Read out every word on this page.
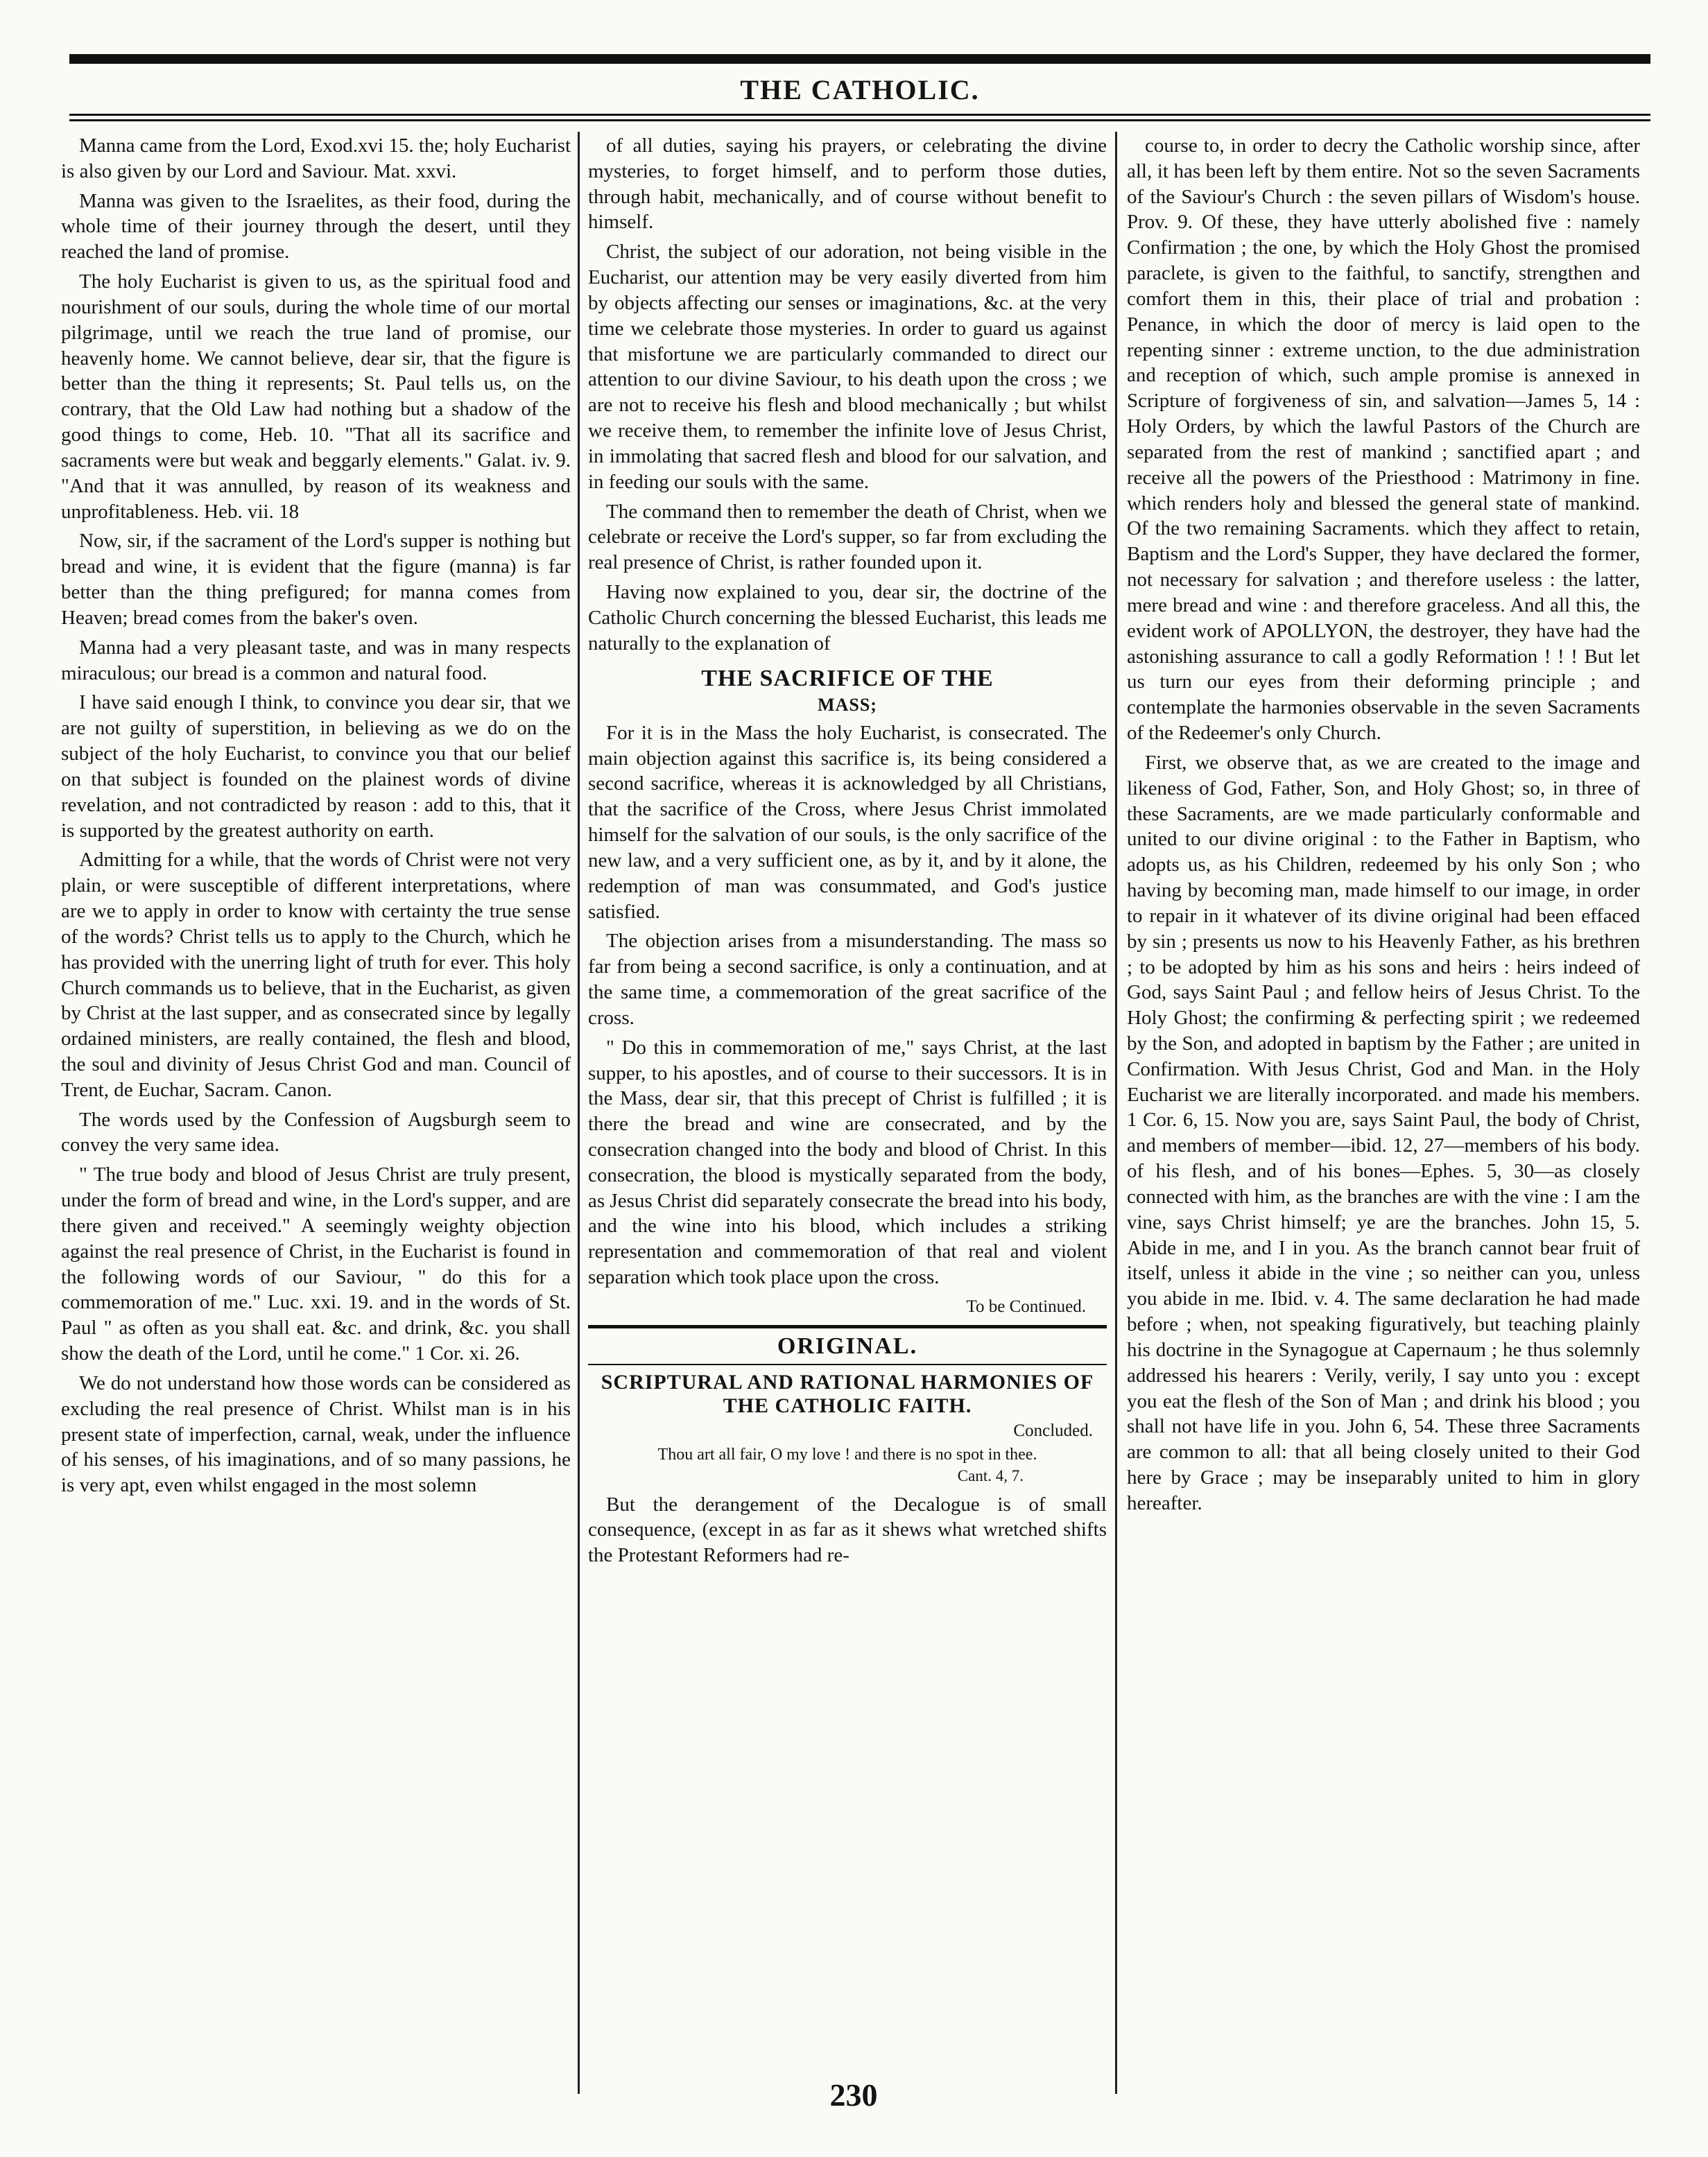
THE CATHOLIC.

Manna came from the Lord, Exod.xvi 15. the; holy Eucharist is also given by our Lord and Saviour. Mat. xxvi.

Manna was given to the Israelites, as their food, during the whole time of their journey through the desert, until they reached the land of promise.

The holy Eucharist is given to us, as the spiritual food and nourishment of our souls, during the whole time of our mortal pilgrimage, until we reach the true land of promise, our heavenly home. We cannot believe, dear sir, that the figure is better than the thing it represents; St. Paul tells us, on the contrary, that the Old Law had nothing but a shadow of the good things to come, Heb. 10. "That all its sacrifice and sacraments were but weak and beggarly elements." Galat. iv. 9. "And that it was annulled, by reason of its weakness and unprofitableness. Heb. vii. 18

Now, sir, if the sacrament of the Lord's supper is nothing but bread and wine, it is evident that the figure (manna) is far better than the thing prefigured; for manna comes from Heaven; bread comes from the baker's oven.

Manna had a very pleasant taste, and was in many respects miraculous; our bread is a common and natural food.

I have said enough I think, to convince you dear sir, that we are not guilty of superstition, in believing as we do on the subject of the holy Eucharist, to convince you that our belief on that subject is founded on the plainest words of divine revelation, and not contradicted by reason : add to this, that it is supported by the greatest authority on earth.

Admitting for a while, that the words of Christ were not very plain, or were susceptible of different interpretations, where are we to apply in order to know with certainty the true sense of the words? Christ tells us to apply to the Church, which he has provided with the unerring light of truth for ever. This holy Church commands us to believe, that in the Eucharist, as given by Christ at the last supper, and as consecrated since by legally ordained ministers, are really contained, the flesh and blood, the soul and divinity of Jesus Christ God and man. Council of Trent, de Euchar, Sacram. Canon.

The words used by the Confession of Augsburgh seem to convey the very same idea.

" The true body and blood of Jesus Christ are truly present, under the form of bread and wine, in the Lord's supper, and are there given and received." A seemingly weighty objection against the real presence of Christ, in the Eucharist is found in the following words of our Saviour, " do this for a commemoration of me." Luc. xxi. 19. and in the words of St. Paul " as often as you shall eat. &c. and drink, &c. you shall show the death of the Lord, until he come." 1 Cor. xi. 26.

We do not understand how those words can be considered as excluding the real presence of Christ. Whilst man is in his present state of imperfection, carnal, weak, under the influence of his senses, of his imaginations, and of so many passions, he is very apt, even whilst engaged in the most solemn

of all duties, saying his prayers, or celebrating the divine mysteries, to forget himself, and to perform those duties, through habit, mechanically, and of course without benefit to himself.

Christ, the subject of our adoration, not being visible in the Eucharist, our attention may be very easily diverted from him by objects affecting our senses or imaginations, &c. at the very time we celebrate those mysteries. In order to guard us against that misfortune we are particularly commanded to direct our attention to our divine Saviour, to his death upon the cross ; we are not to receive his flesh and blood mechanically ; but whilst we receive them, to remember the infinite love of Jesus Christ, in immolating that sacred flesh and blood for our salvation, and in feeding our souls with the same.

The command then to remember the death of Christ, when we celebrate or receive the Lord's supper, so far from excluding the real presence of Christ, is rather founded upon it.

Having now explained to you, dear sir, the doctrine of the Catholic Church concerning the blessed Eucharist, this leads me naturally to the explanation of

THE SACRIFICE OF THE
MASS;

For it is in the Mass the holy Eucharist, is consecrated. The main objection against this sacrifice is, its being considered a second sacrifice, whereas it is acknowledged by all Christians, that the sacrifice of the Cross, where Jesus Christ immolated himself for the salvation of our souls, is the only sacrifice of the new law, and a very sufficient one, as by it, and by it alone, the redemption of man was consummated, and God's justice satisfied.

The objection arises from a misunderstanding. The mass so far from being a second sacrifice, is only a continuation, and at the same time, a commemoration of the great sacrifice of the cross.

" Do this in commemoration of me," says Christ, at the last supper, to his apostles, and of course to their successors. It is in the Mass, dear sir, that this precept of Christ is fulfilled ; it is there the bread and wine are consecrated, and by the consecration changed into the body and blood of Christ. In this consecration, the blood is mystically separated from the body, as Jesus Christ did separately consecrate the bread into his body, and the wine into his blood, which includes a striking representation and commemoration of that real and violent separation which took place upon the cross.

To be Continued.
ORIGINAL.
SCRIPTURAL AND RATIONAL HARMONIES OF THE CATHOLIC FAITH.
Concluded.
Thou art all fair, O my love ! and there is no spot in thee.
Cant. 4, 7.

But the derangement of the Decalogue is of small consequence, (except in as far as it shews what wretched shifts the Protestant Reformers had re-

course to, in order to decry the Catholic worship since, after all, it has been left by them entire. Not so the seven Sacraments of the Saviour's Church : the seven pillars of Wisdom's house. Prov. 9. Of these, they have utterly abolished five : namely Confirmation ; the one, by which the Holy Ghost the promised paraclete, is given to the faithful, to sanctify, strengthen and comfort them in this, their place of trial and probation : Penance, in which the door of mercy is laid open to the repenting sinner : extreme unction, to the due administration and reception of which, such ample promise is annexed in Scripture of forgiveness of sin, and salvation—James 5, 14 : Holy Orders, by which the lawful Pastors of the Church are separated from the rest of mankind ; sanctified apart ; and receive all the powers of the Priesthood : Matrimony in fine. which renders holy and blessed the general state of mankind. Of the two remaining Sacraments. which they affect to retain, Baptism and the Lord's Supper, they have declared the former, not necessary for salvation ; and therefore useless : the latter, mere bread and wine : and therefore graceless. And all this, the evident work of APOLLYON, the destroyer, they have had the astonishing assurance to call a godly Reformation ! ! ! But let us turn our eyes from their deforming principle ; and contemplate the harmonies observable in the seven Sacraments of the Redeemer's only Church.

First, we observe that, as we are created to the image and likeness of God, Father, Son, and Holy Ghost; so, in three of these Sacraments, are we made particularly conformable and united to our divine original : to the Father in Baptism, who adopts us, as his Children, redeemed by his only Son ; who having by becoming man, made himself to our image, in order to repair in it whatever of its divine original had been effaced by sin ; presents us now to his Heavenly Father, as his brethren ; to be adopted by him as his sons and heirs : heirs indeed of God, says Saint Paul ; and fellow heirs of Jesus Christ. To the Holy Ghost; the confirming & perfecting spirit ; we redeemed by the Son, and adopted in baptism by the Father ; are united in Confirmation. With Jesus Christ, God and Man. in the Holy Eucharist we are literally incorporated. and made his members. 1 Cor. 6, 15. Now you are, says Saint Paul, the body of Christ, and members of member—ibid. 12, 27—members of his body. of his flesh, and of his bones—Ephes. 5, 30—as closely connected with him, as the branches are with the vine : I am the vine, says Christ himself; ye are the branches. John 15, 5. Abide in me, and I in you. As the branch cannot bear fruit of itself, unless it abide in the vine ; so neither can you, unless you abide in me. Ibid. v. 4. The same declaration he had made before ; when, not speaking figuratively, but teaching plainly his doctrine in the Synagogue at Capernaum ; he thus solemnly addressed his hearers : Verily, verily, I say unto you : except you eat the flesh of the Son of Man ; and drink his blood ; you shall not have life in you. John 6, 54. These three Sacraments are common to all: that all being closely united to their God here by Grace ; may be inseparably united to him in glory hereafter.

230
